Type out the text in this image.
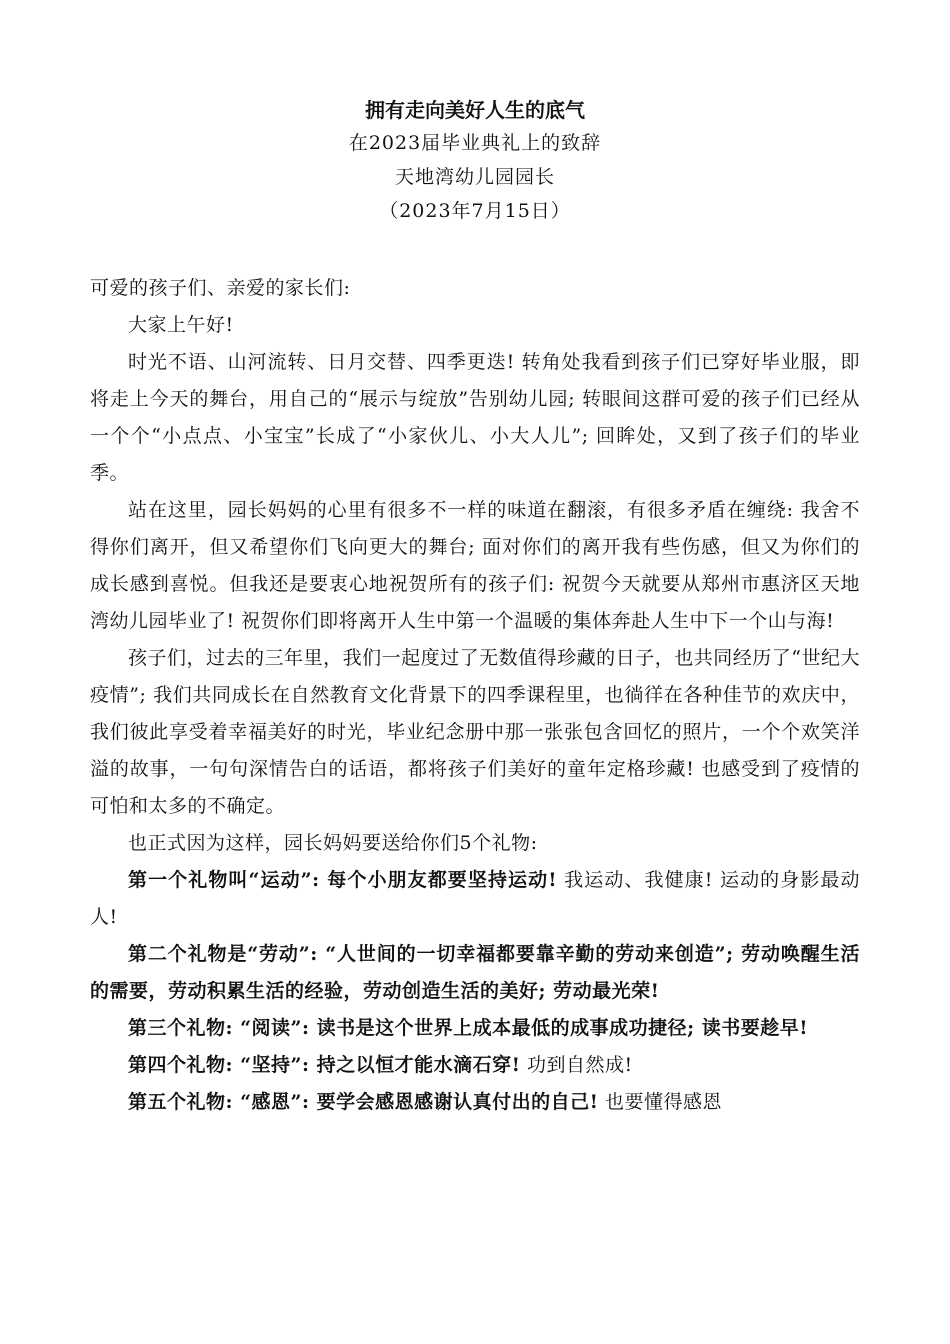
拥有走向美好人生的底气

在2023届毕业典礼上的致辞

天地湾幼儿园园长

（2023年7月15日）

可爱的孩子们、亲爱的家长们:

大家上午好!

时光不语、山河流转、日月交替、四季更迭! 转角处我看到孩子们已穿好毕业服，即将走上今天的舞台，用自己的“展示与绽放”告别幼儿园; 转眼间这群可爱的孩子们已经从一个个“小点点、小宝宝”长成了“小家伙儿、小大人儿”; 回眸处，又到了孩子们的毕业季。

站在这里，园长妈妈的心里有很多不一样的味道在翻滚，有很多矛盾在缠绕: 我舍不得你们离开，但又希望你们飞向更大的舞台; 面对你们的离开我有些伤感，但又为你们的成长感到喜悦。但我还是要衷心地祝贺所有的孩子们: 祝贺今天就要从郑州市惠济区天地湾幼儿园毕业了! 祝贺你们即将离开人生中第一个温暖的集体奔赴人生中下一个山与海!

孩子们，过去的三年里，我们一起度过了无数值得珍藏的日子，也共同经历了“世纪大疫情”; 我们共同成长在自然教育文化背景下的四季课程里，也徜徉在各种佳节的欢庆中，我们彼此享受着幸福美好的时光，毕业纪念册中那一张张包含回忆的照片，一个个欢笑洋溢的故事，一句句深情告白的话语，都将孩子们美好的童年定格珍藏! 也感受到了疫情的可怕和太多的不确定。

也正式因为这样，园长妈妈要送给你们5个礼物:

第一个礼物叫“运动”: 每个小朋友都要坚持运动! 我运动、我健康! 运动的身影最动人!

第二个礼物是“劳动”: “人世间的一切幸福都要靠辛勤的劳动来创造”; 劳动唤醒生活的需要，劳动积累生活的经验，劳动创造生活的美好; 劳动最光荣!

第三个礼物: “阅读”: 读书是这个世界上成本最低的成事成功捷径; 读书要趁早!

第四个礼物: “坚持”: 持之以恒才能水滴石穿! 功到自然成!

第五个礼物: “感恩”: 要学会感恩感谢认真付出的自己! 也要懂得感恩
